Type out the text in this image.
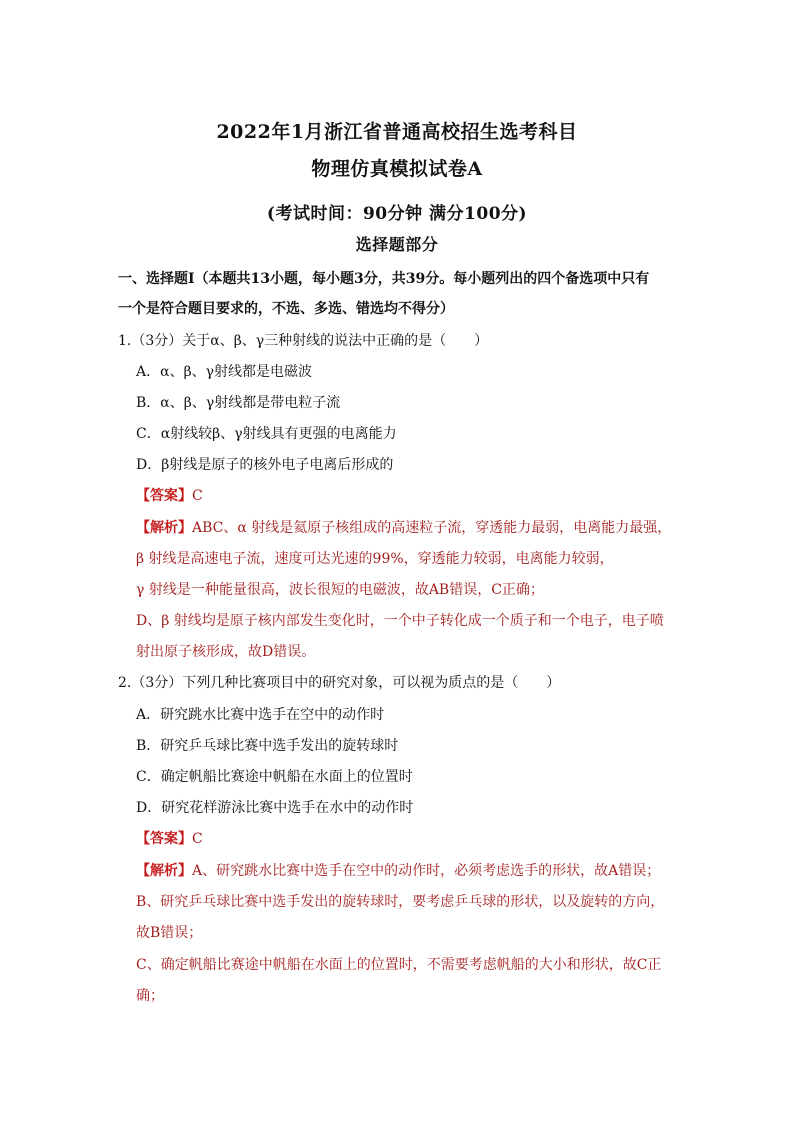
2022年1月浙江省普通高校招生选考科目
物理仿真模拟试卷A
(考试时间：90分钟 满分100分)
选择题部分
一、选择题Ⅰ（本题共13小题，每小题3分，共39分。每小题列出的四个备选项中只有
一个是符合题目要求的，不选、多选、错选均不得分）
1.（3分）关于α、β、γ三种射线的说法中正确的是（　　）
A．α、β、γ射线都是电磁波
B．α、β、γ射线都是带电粒子流
C．α射线较β、γ射线具有更强的电离能力
D．β射线是原子的核外电子电离后形成的
【答案】C
【解析】ABC、α 射线是氦原子核组成的高速粒子流，穿透能力最弱，电离能力最强，
β 射线是高速电子流，速度可达光速的99%，穿透能力较弱，电离能力较弱，
γ 射线是一种能量很高，波长很短的电磁波，故AB错误，C正确；
D、β 射线均是原子核内部发生变化时，一个中子转化成一个质子和一个电子，电子喷
射出原子核形成，故D错误。
2.（3分）下列几种比赛项目中的研究对象，可以视为质点的是（　　）
A．研究跳水比赛中选手在空中的动作时
B．研究乒乓球比赛中选手发出的旋转球时
C．确定帆船比赛途中帆船在水面上的位置时
D．研究花样游泳比赛中选手在水中的动作时
【答案】C
【解析】A、研究跳水比赛中选手在空中的动作时，必须考虑选手的形状，故A错误；
B、研究乒乓球比赛中选手发出的旋转球时，要考虑乒乓球的形状，以及旋转的方向，
故B错误；
C、确定帆船比赛途中帆船在水面上的位置时，不需要考虑帆船的大小和形状，故C正
确；
